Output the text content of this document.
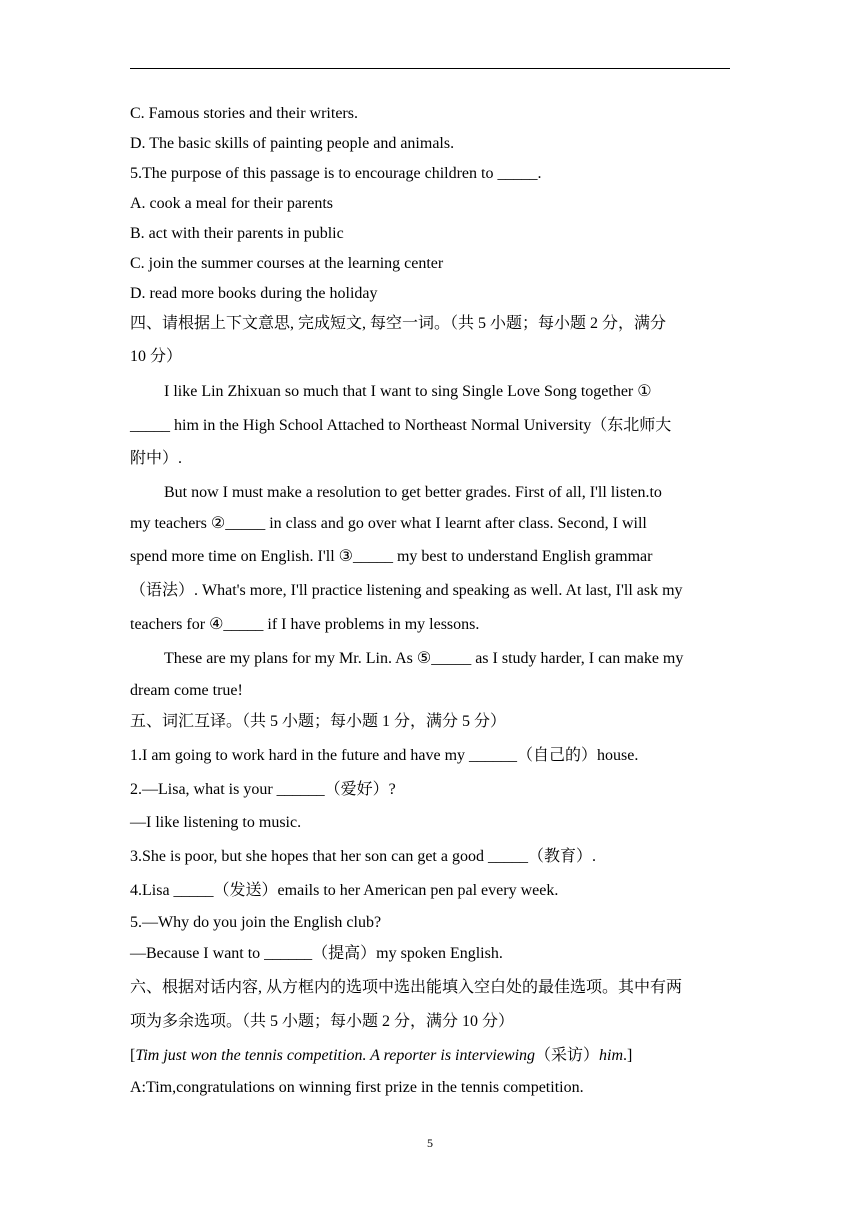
C. Famous stories and their writers.
D. The basic skills of painting people and animals.
5.The purpose of this passage is to encourage children to _____.
A. cook a meal for their parents
B. act with their parents in public
C. join the summer courses at the learning center
D. read more books during the holiday
四、请根据上下文意思, 完成短文, 每空一词。（共 5 小题；每小题 2 分，满分
10 分）
I like Lin Zhixuan so much that I want to sing Single Love Song together ①
_____ him in the High School Attached to Northeast Normal University（东北师大
附中）.
But now I must make a resolution to get better grades. First of all, I'll listen.to
my teachers ②_____ in class and go over what I learnt after class. Second, I will
spend more time on English. I'll ③_____ my best to understand English grammar
（语法）. What's more, I'll practice listening and speaking as well. At last, I'll ask my
teachers for ④_____ if I have problems in my lessons.
These are my plans for my Mr. Lin. As ⑤_____ as I study harder, I can make my
dream come true!
五、词汇互译。（共 5 小题；每小题 1 分，满分 5 分）
1.I am going to work hard in the future and have my ______（自己的）house.
2.—Lisa, what is your ______（爱好）?
—I like listening to music.
3.She is poor, but she hopes that her son can get a good _____（教育）.
4.Lisa _____（发送）emails to her American pen pal every week.
5.—Why do you join the English club?
—Because I want to ______（提高）my spoken English.
六、根据对话内容, 从方框内的选项中选出能填入空白处的最佳选项。其中有两
项为多余选项。（共 5 小题；每小题 2 分，满分 10 分）
[Tim just won the tennis competition. A reporter is interviewing（采访）him.]
A:Tim,congratulations on winning first prize in the tennis competition.
5
